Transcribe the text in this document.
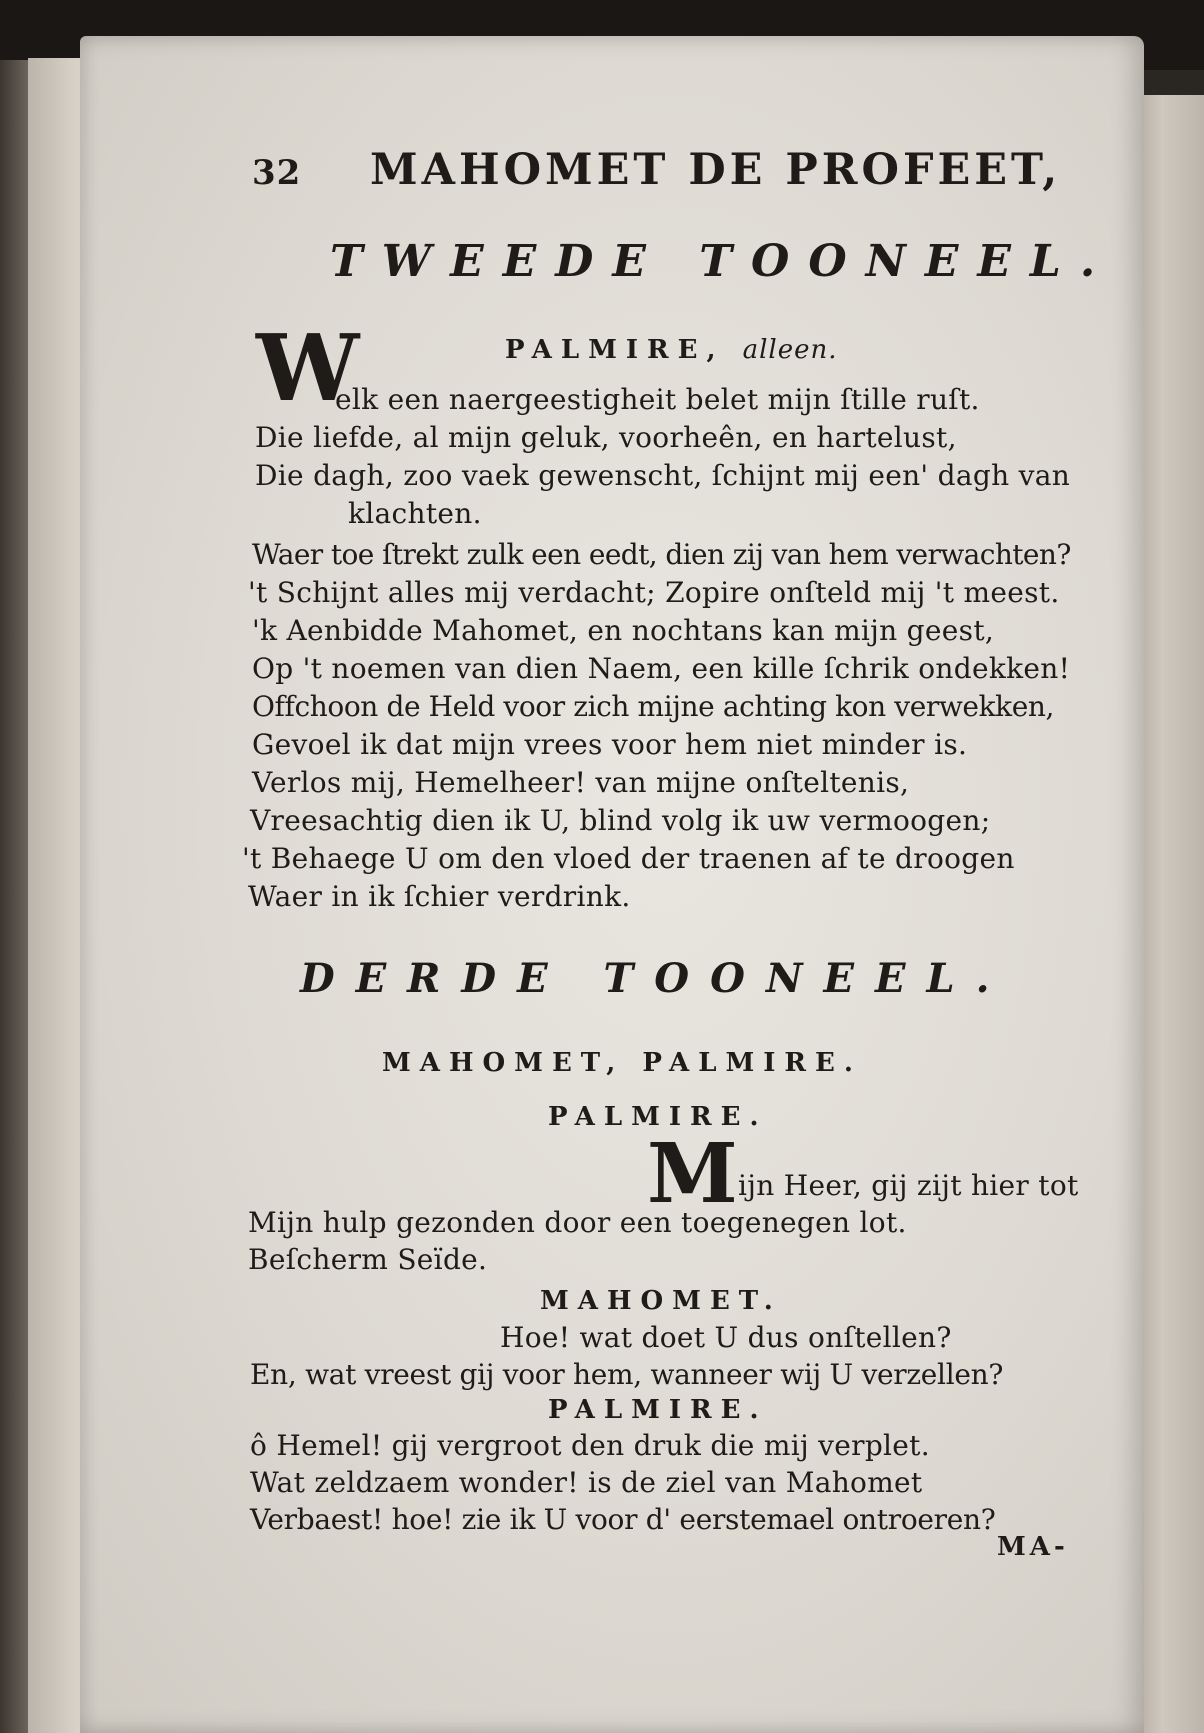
32 MAHOMET DE PROFEET,
TWEEDE TOONEEL.
PALMIRE, alleen.
W
elk een naergeestigheit belet mijn ſtille ruſt.
Die liefde, al mijn geluk, voorheên, en hartelust,
Die dagh, zoo vaek gewenscht, ſchijnt mij een' dagh van
klachten.
Waer toe ſtrekt zulk een eedt, dien zij van hem verwachten?
't Schijnt alles mij verdacht; Zopire onſteld mij 't meest.
'k Aenbidde Mahomet, en nochtans kan mijn geest,
Op 't noemen van dien Naem, een kille ſchrik ondekken!
Offchoon de Held voor zich mijne achting kon verwekken,
Gevoel ik dat mijn vrees voor hem niet minder is.
Verlos mij, Hemelheer! van mijne onſteltenis,
Vreesachtig dien ik U, blind volg ik uw vermoogen;
't Behaege U om den vloed der traenen af te droogen
Waer in ik ſchier verdrink.
DERDE TOONEEL.
MAHOMET, PALMIRE.
PALMIRE.
M ijn Heer, gij zijt hier tot
Mijn hulp gezonden door een toegenegen lot.
Beſcherm Seïde.
MAHOMET.
Hoe! wat doet U dus onſtellen?
En, wat vreest gij voor hem, wanneer wij U verzellen?
PALMIRE.
ô Hemel! gij vergroot den druk die mij verplet.
Wat zeldzaem wonder! is de ziel van Mahomet
Verbaest! hoe! zie ik U voor d' eerstemael ontroeren?
MA-
